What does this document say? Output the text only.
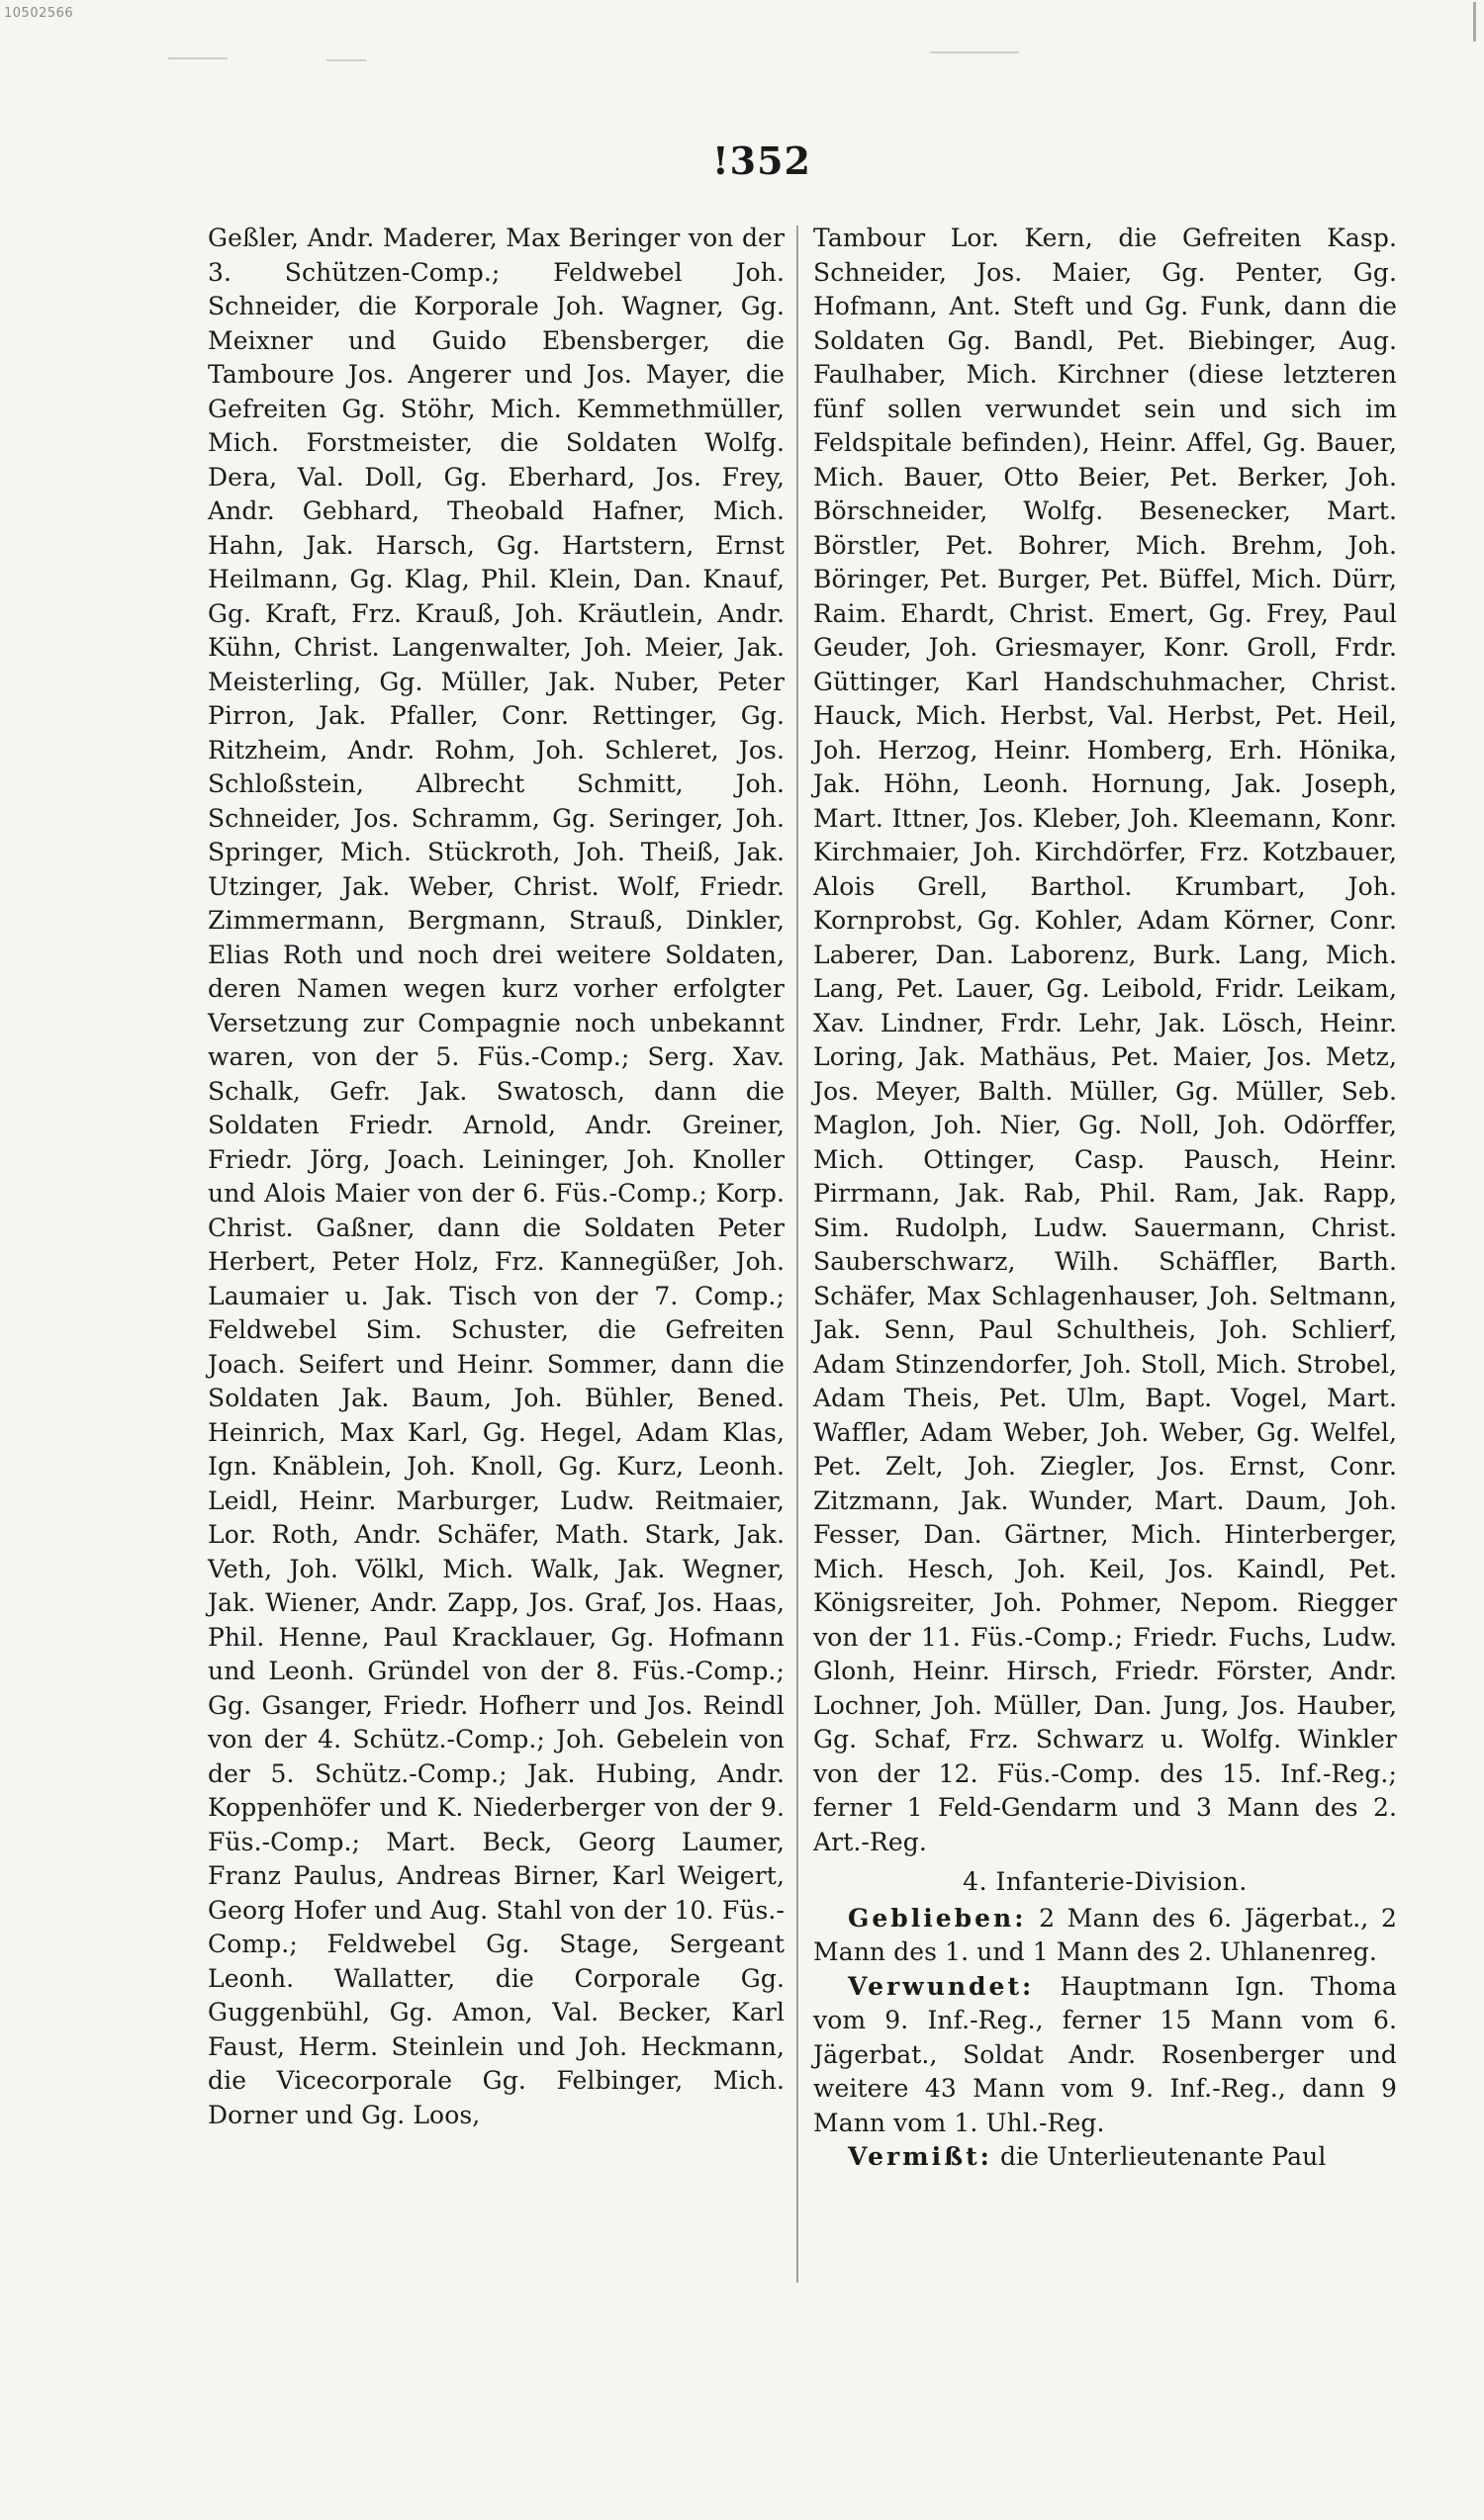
10502566
!352

Geßler, Andr. Maderer, Max Beringer von der 3. Schützen-Comp.; Feldwebel Joh. Schneider, die Korporale Joh. Wagner, Gg. Meixner und Guido Ebensberger, die Tamboure Jos. Angerer und Jos. Mayer, die Gefreiten Gg. Stöhr, Mich. Kemmethmüller, Mich. Forstmeister, die Soldaten Wolfg. Dera, Val. Doll, Gg. Eberhard, Jos. Frey, Andr. Gebhard, Theobald Hafner, Mich. Hahn, Jak. Harsch, Gg. Hartstern, Ernst Heilmann, Gg. Klag, Phil. Klein, Dan. Knauf, Gg. Kraft, Frz. Krauß, Joh. Kräutlein, Andr. Kühn, Christ. Langenwalter, Joh. Meier, Jak. Meisterling, Gg. Müller, Jak. Nuber, Peter Pirron, Jak. Pfaller, Conr. Rettinger, Gg. Ritzheim, Andr. Rohm, Joh. Schleret, Jos. Schloßstein, Albrecht Schmitt, Joh. Schneider, Jos. Schramm, Gg. Seringer, Joh. Springer, Mich. Stückroth, Joh. Theiß, Jak. Utzinger, Jak. Weber, Christ. Wolf, Friedr. Zimmermann, Bergmann, Strauß, Dinkler, Elias Roth und noch drei weitere Soldaten, deren Namen wegen kurz vorher erfolgter Versetzung zur Compagnie noch unbekannt waren, von der 5. Füs.-Comp.; Serg. Xav. Schalk, Gefr. Jak. Swatosch, dann die Soldaten Friedr. Arnold, Andr. Greiner, Friedr. Jörg, Joach. Leininger, Joh. Knoller und Alois Maier von der 6. Füs.-Comp.; Korp. Christ. Gaßner, dann die Soldaten Peter Herbert, Peter Holz, Frz. Kannegüßer, Joh. Laumaier u. Jak. Tisch von der 7. Comp.; Feldwebel Sim. Schuster, die Gefreiten Joach. Seifert und Heinr. Sommer, dann die Soldaten Jak. Baum, Joh. Bühler, Bened. Heinrich, Max Karl, Gg. Hegel, Adam Klas, Ign. Knäblein, Joh. Knoll, Gg. Kurz, Leonh. Leidl, Heinr. Marburger, Ludw. Reitmaier, Lor. Roth, Andr. Schäfer, Math. Stark, Jak. Veth, Joh. Völkl, Mich. Walk, Jak. Wegner, Jak. Wiener, Andr. Zapp, Jos. Graf, Jos. Haas, Phil. Henne, Paul Kracklauer, Gg. Hofmann und Leonh. Gründel von der 8. Füs.-Comp.; Gg. Gsanger, Friedr. Hofherr und Jos. Reindl von der 4. Schütz.-Comp.; Joh. Gebelein von der 5. Schütz.-Comp.; Jak. Hubing, Andr. Koppenhöfer und K. Niederberger von der 9. Füs.-Comp.; Mart. Beck, Georg Laumer, Franz Paulus, Andreas Birner, Karl Weigert, Georg Hofer und Aug. Stahl von der 10. Füs.-Comp.; Feldwebel Gg. Stage, Sergeant Leonh. Wallatter, die Corporale Gg. Guggenbühl, Gg. Amon, Val. Becker, Karl Faust, Herm. Steinlein und Joh. Heckmann, die Vicecorporale Gg. Felbinger, Mich. Dorner und Gg. Loos,

Tambour Lor. Kern, die Gefreiten Kasp. Schneider, Jos. Maier, Gg. Penter, Gg. Hofmann, Ant. Steft und Gg. Funk, dann die Soldaten Gg. Bandl, Pet. Biebinger, Aug. Faulhaber, Mich. Kirchner (diese letzteren fünf sollen verwundet sein und sich im Feldspitale befinden), Heinr. Affel, Gg. Bauer, Mich. Bauer, Otto Beier, Pet. Berker, Joh. Börschneider, Wolfg. Besenecker, Mart. Börstler, Pet. Bohrer, Mich. Brehm, Joh. Böringer, Pet. Burger, Pet. Büffel, Mich. Dürr, Raim. Ehardt, Christ. Emert, Gg. Frey, Paul Geuder, Joh. Griesmayer, Konr. Groll, Frdr. Güttinger, Karl Handschuhmacher, Christ. Hauck, Mich. Herbst, Val. Herbst, Pet. Heil, Joh. Herzog, Heinr. Homberg, Erh. Hönika, Jak. Höhn, Leonh. Hornung, Jak. Joseph, Mart. Ittner, Jos. Kleber, Joh. Kleemann, Konr. Kirchmaier, Joh. Kirchdörfer, Frz. Kotzbauer, Alois Grell, Barthol. Krumbart, Joh. Kornprobst, Gg. Kohler, Adam Körner, Conr. Laberer, Dan. Laborenz, Burk. Lang, Mich. Lang, Pet. Lauer, Gg. Leibold, Fridr. Leikam, Xav. Lindner, Frdr. Lehr, Jak. Lösch, Heinr. Loring, Jak. Mathäus, Pet. Maier, Jos. Metz, Jos. Meyer, Balth. Müller, Gg. Müller, Seb. Maglon, Joh. Nier, Gg. Noll, Joh. Odörffer, Mich. Ottinger, Casp. Pausch, Heinr. Pirrmann, Jak. Rab, Phil. Ram, Jak. Rapp, Sim. Rudolph, Ludw. Sauermann, Christ. Sauberschwarz, Wilh. Schäffler, Barth. Schäfer, Max Schlagenhauser, Joh. Seltmann, Jak. Senn, Paul Schultheis, Joh. Schlierf, Adam Stinzendorfer, Joh. Stoll, Mich. Strobel, Adam Theis, Pet. Ulm, Bapt. Vogel, Mart. Waffler, Adam Weber, Joh. Weber, Gg. Welfel, Pet. Zelt, Joh. Ziegler, Jos. Ernst, Conr. Zitzmann, Jak. Wunder, Mart. Daum, Joh. Fesser, Dan. Gärtner, Mich. Hinterberger, Mich. Hesch, Joh. Keil, Jos. Kaindl, Pet. Königsreiter, Joh. Pohmer, Nepom. Riegger von der 11. Füs.-Comp.; Friedr. Fuchs, Ludw. Glonh, Heinr. Hirsch, Friedr. Förster, Andr. Lochner, Joh. Müller, Dan. Jung, Jos. Hauber, Gg. Schaf, Frz. Schwarz u. Wolfg. Winkler von der 12. Füs.-Comp. des 15. Inf.-Reg.; ferner 1 Feld-Gendarm und 3 Mann des 2. Art.-Reg.

4. Infanterie-Division.

Geblieben: 2 Mann des 6. Jägerbat., 2 Mann des 1. und 1 Mann des 2. Uhlanenreg.

Verwundet: Hauptmann Ign. Thoma vom 9. Inf.-Reg., ferner 15 Mann vom 6. Jägerbat., Soldat Andr. Rosenberger und weitere 43 Mann vom 9. Inf.-Reg., dann 9 Mann vom 1. Uhl.-Reg.

Vermißt: die Unterlieutenante Paul
